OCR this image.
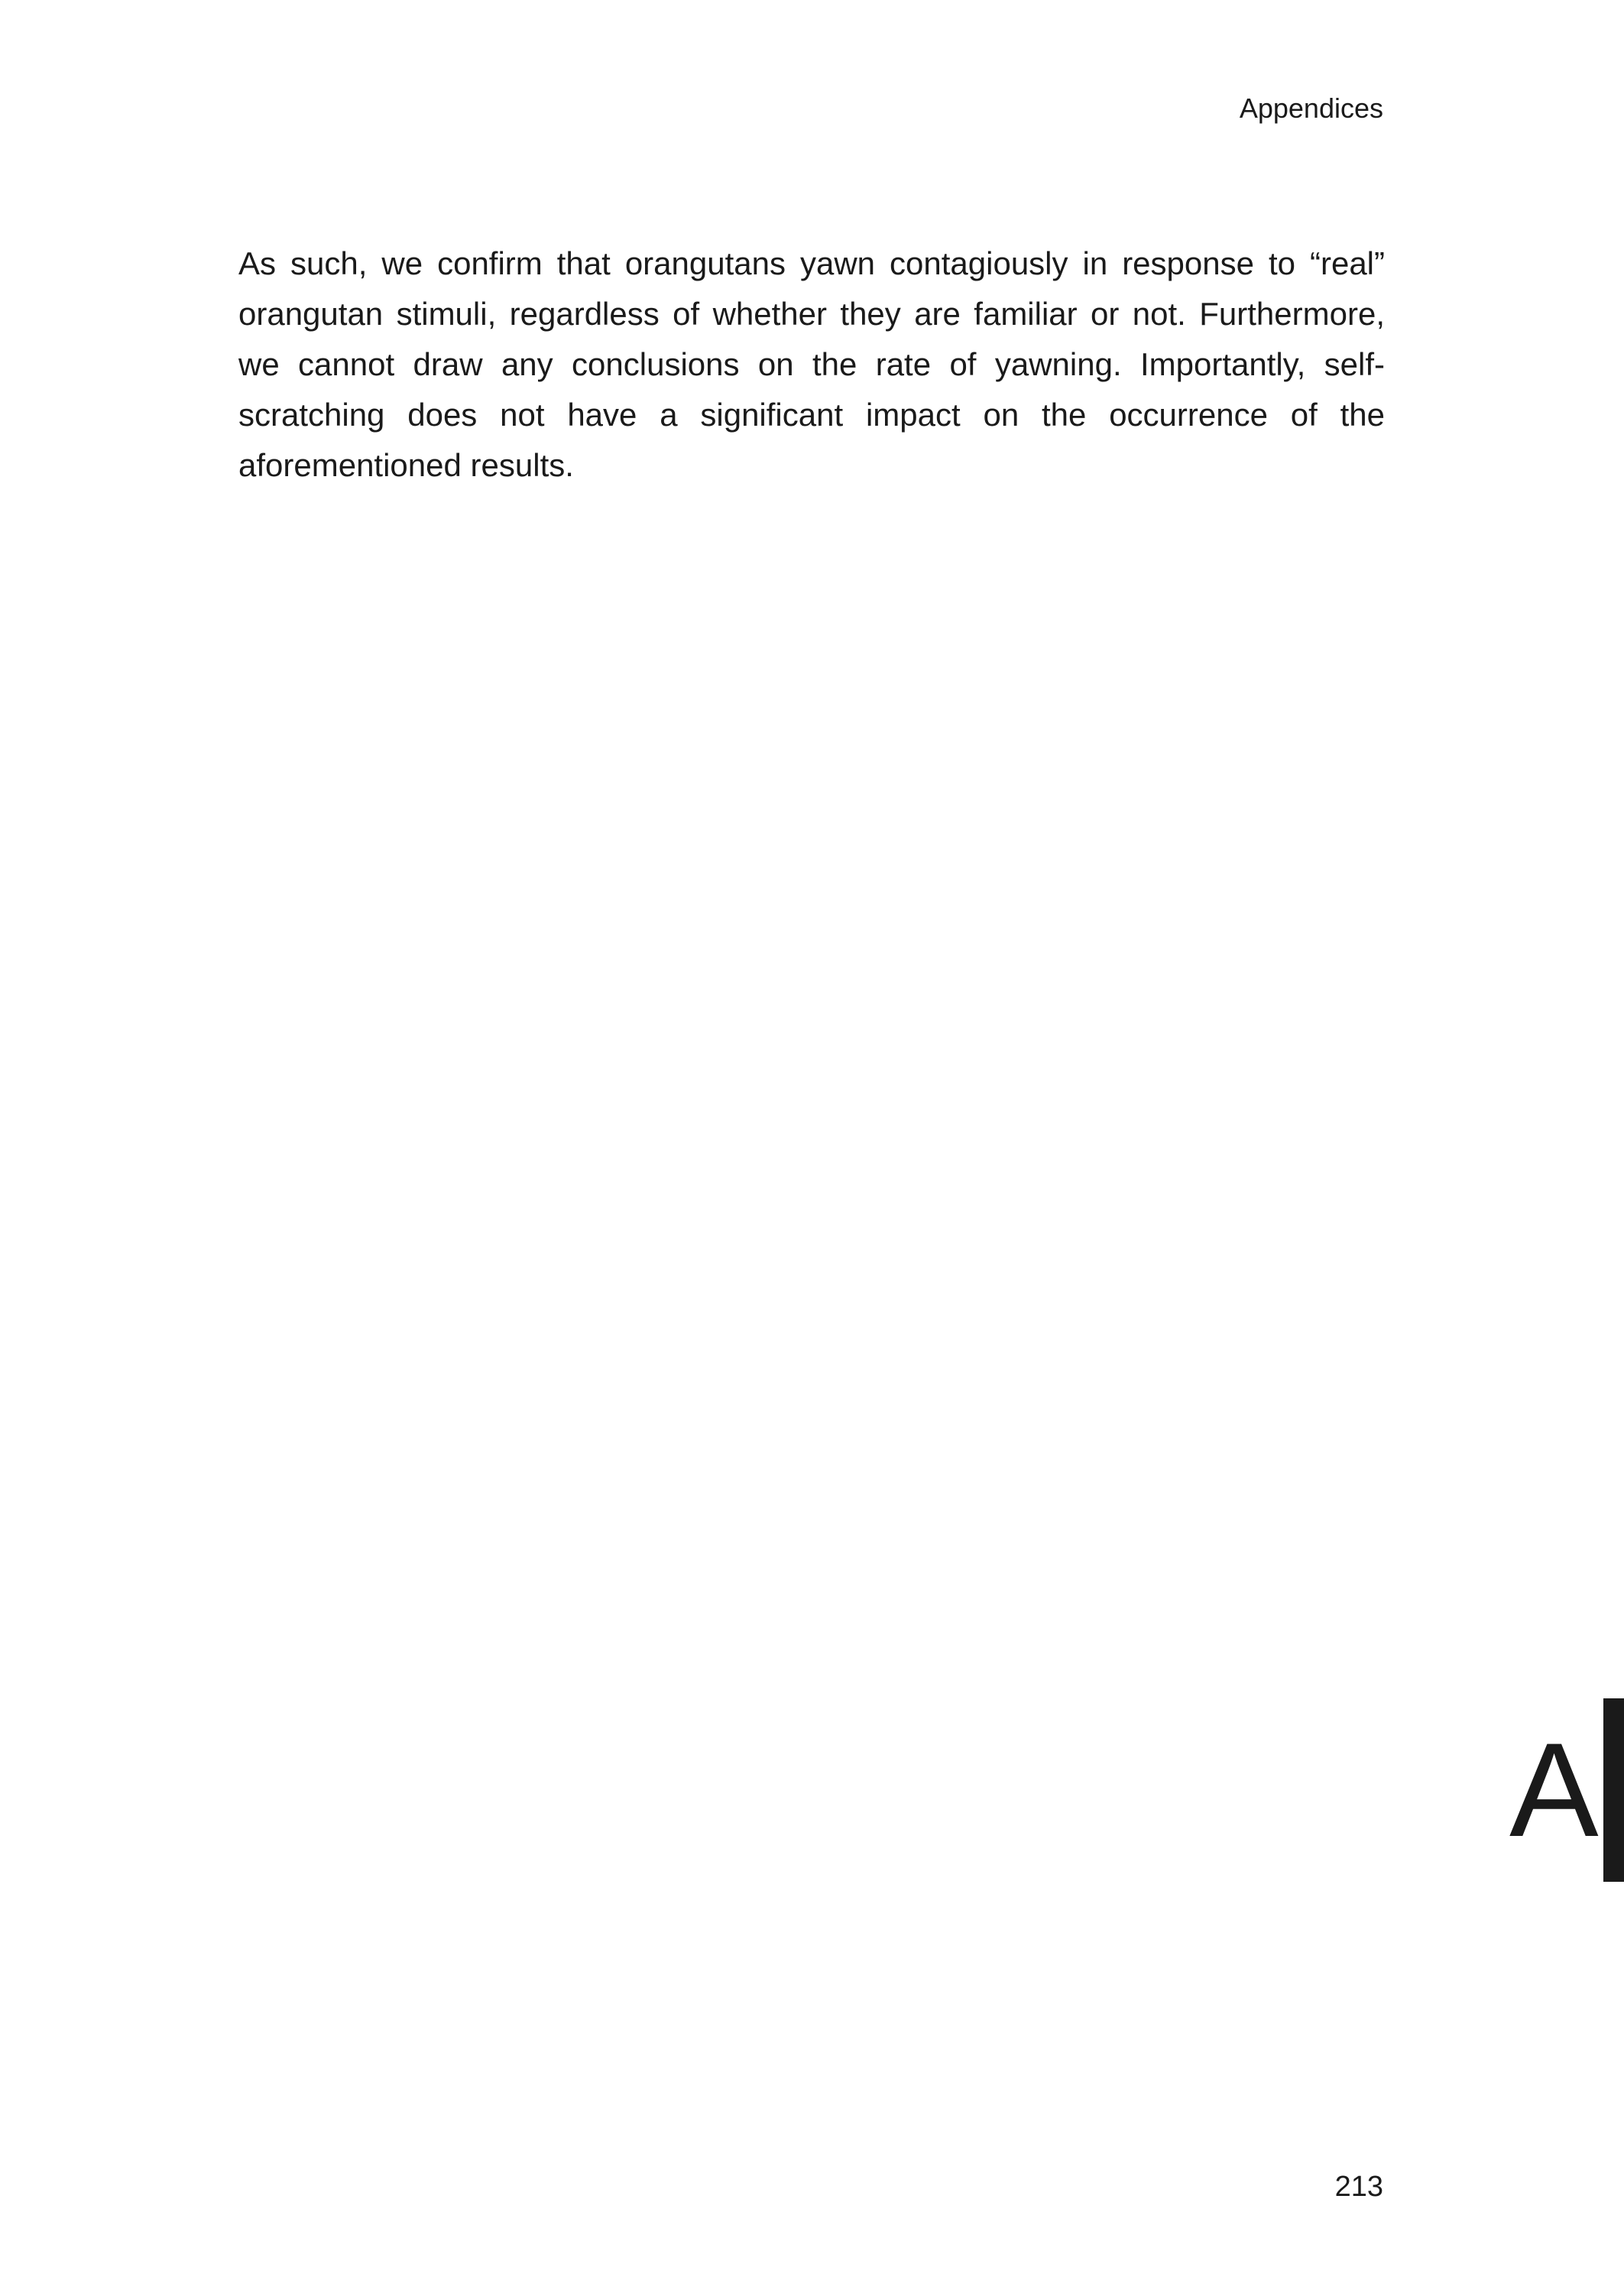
Appendices

As such, we confirm that orangutans yawn contagiously in response to “real” orangutan stimuli, regardless of whether they are familiar or not. Furthermore, we cannot draw any conclusions on the rate of yawning. Importantly, self-scratching does not have a significant impact on the occurrence of the aforementioned results.

A
213
